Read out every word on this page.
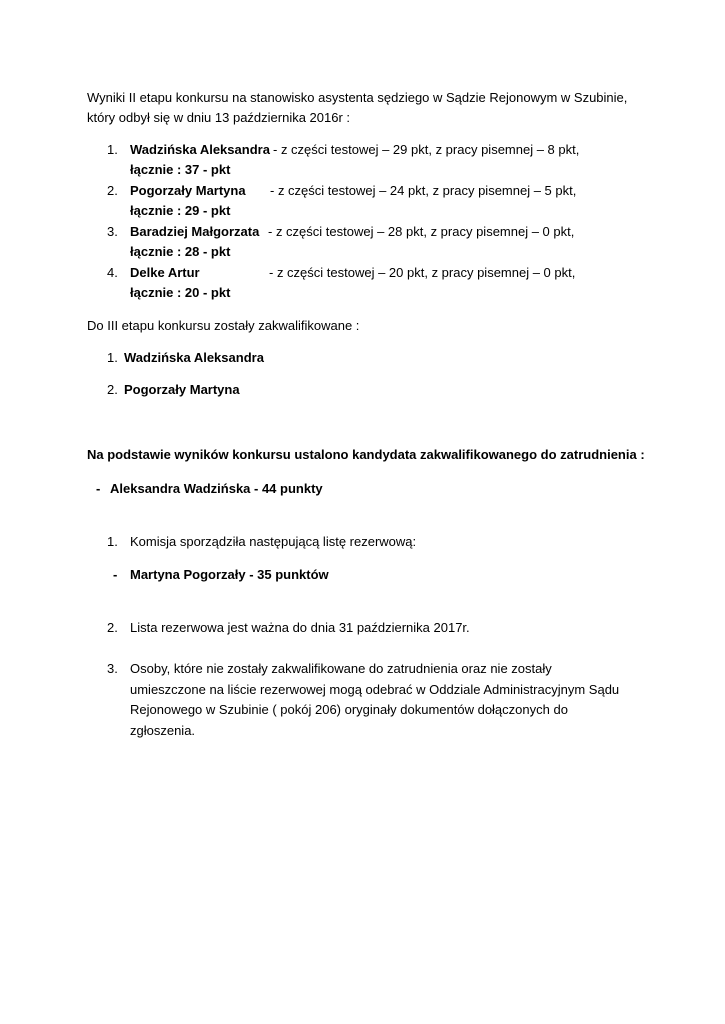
Wyniki II etapu konkursu na stanowisko asystenta sędziego w Sądzie Rejonowym w Szubinie,
który odbył się w dniu 13 października 2016r :
1. Wadzińska Aleksandra - z części testowej – 29 pkt, z pracy pisemnej – 8 pkt,
łącznie : 37 - pkt
2. Pogorzały Martyna - z części testowej – 24 pkt, z pracy pisemnej – 5 pkt,
łącznie : 29 - pkt
3. Baradziej Małgorzata - z części testowej – 28 pkt, z pracy pisemnej – 0 pkt,
łącznie : 28 - pkt
4. Delke Artur	- z części testowej – 20 pkt, z pracy pisemnej – 0 pkt,
łącznie : 20 - pkt
Do III etapu konkursu zostały zakwalifikowane :
1. Wadzińska Aleksandra
2. Pogorzały Martyna
Na podstawie wyników konkursu ustalono kandydata zakwalifikowanego do zatrudnienia :
- Aleksandra Wadzińska - 44 punkty
1. Komisja sporządziła następującą listę rezerwową:
- Martyna Pogorzały - 35 punktów
2. Lista rezerwowa jest ważna do dnia 31 października 2017r.
3. Osoby, które nie zostały zakwalifikowane do zatrudnienia oraz nie zostały
umieszczone na liście rezerwowej mogą odebrać w Oddziale Administracyjnym Sądu
Rejonowego w Szubinie ( pokój 206) oryginały dokumentów dołączonych do
zgłoszenia.
